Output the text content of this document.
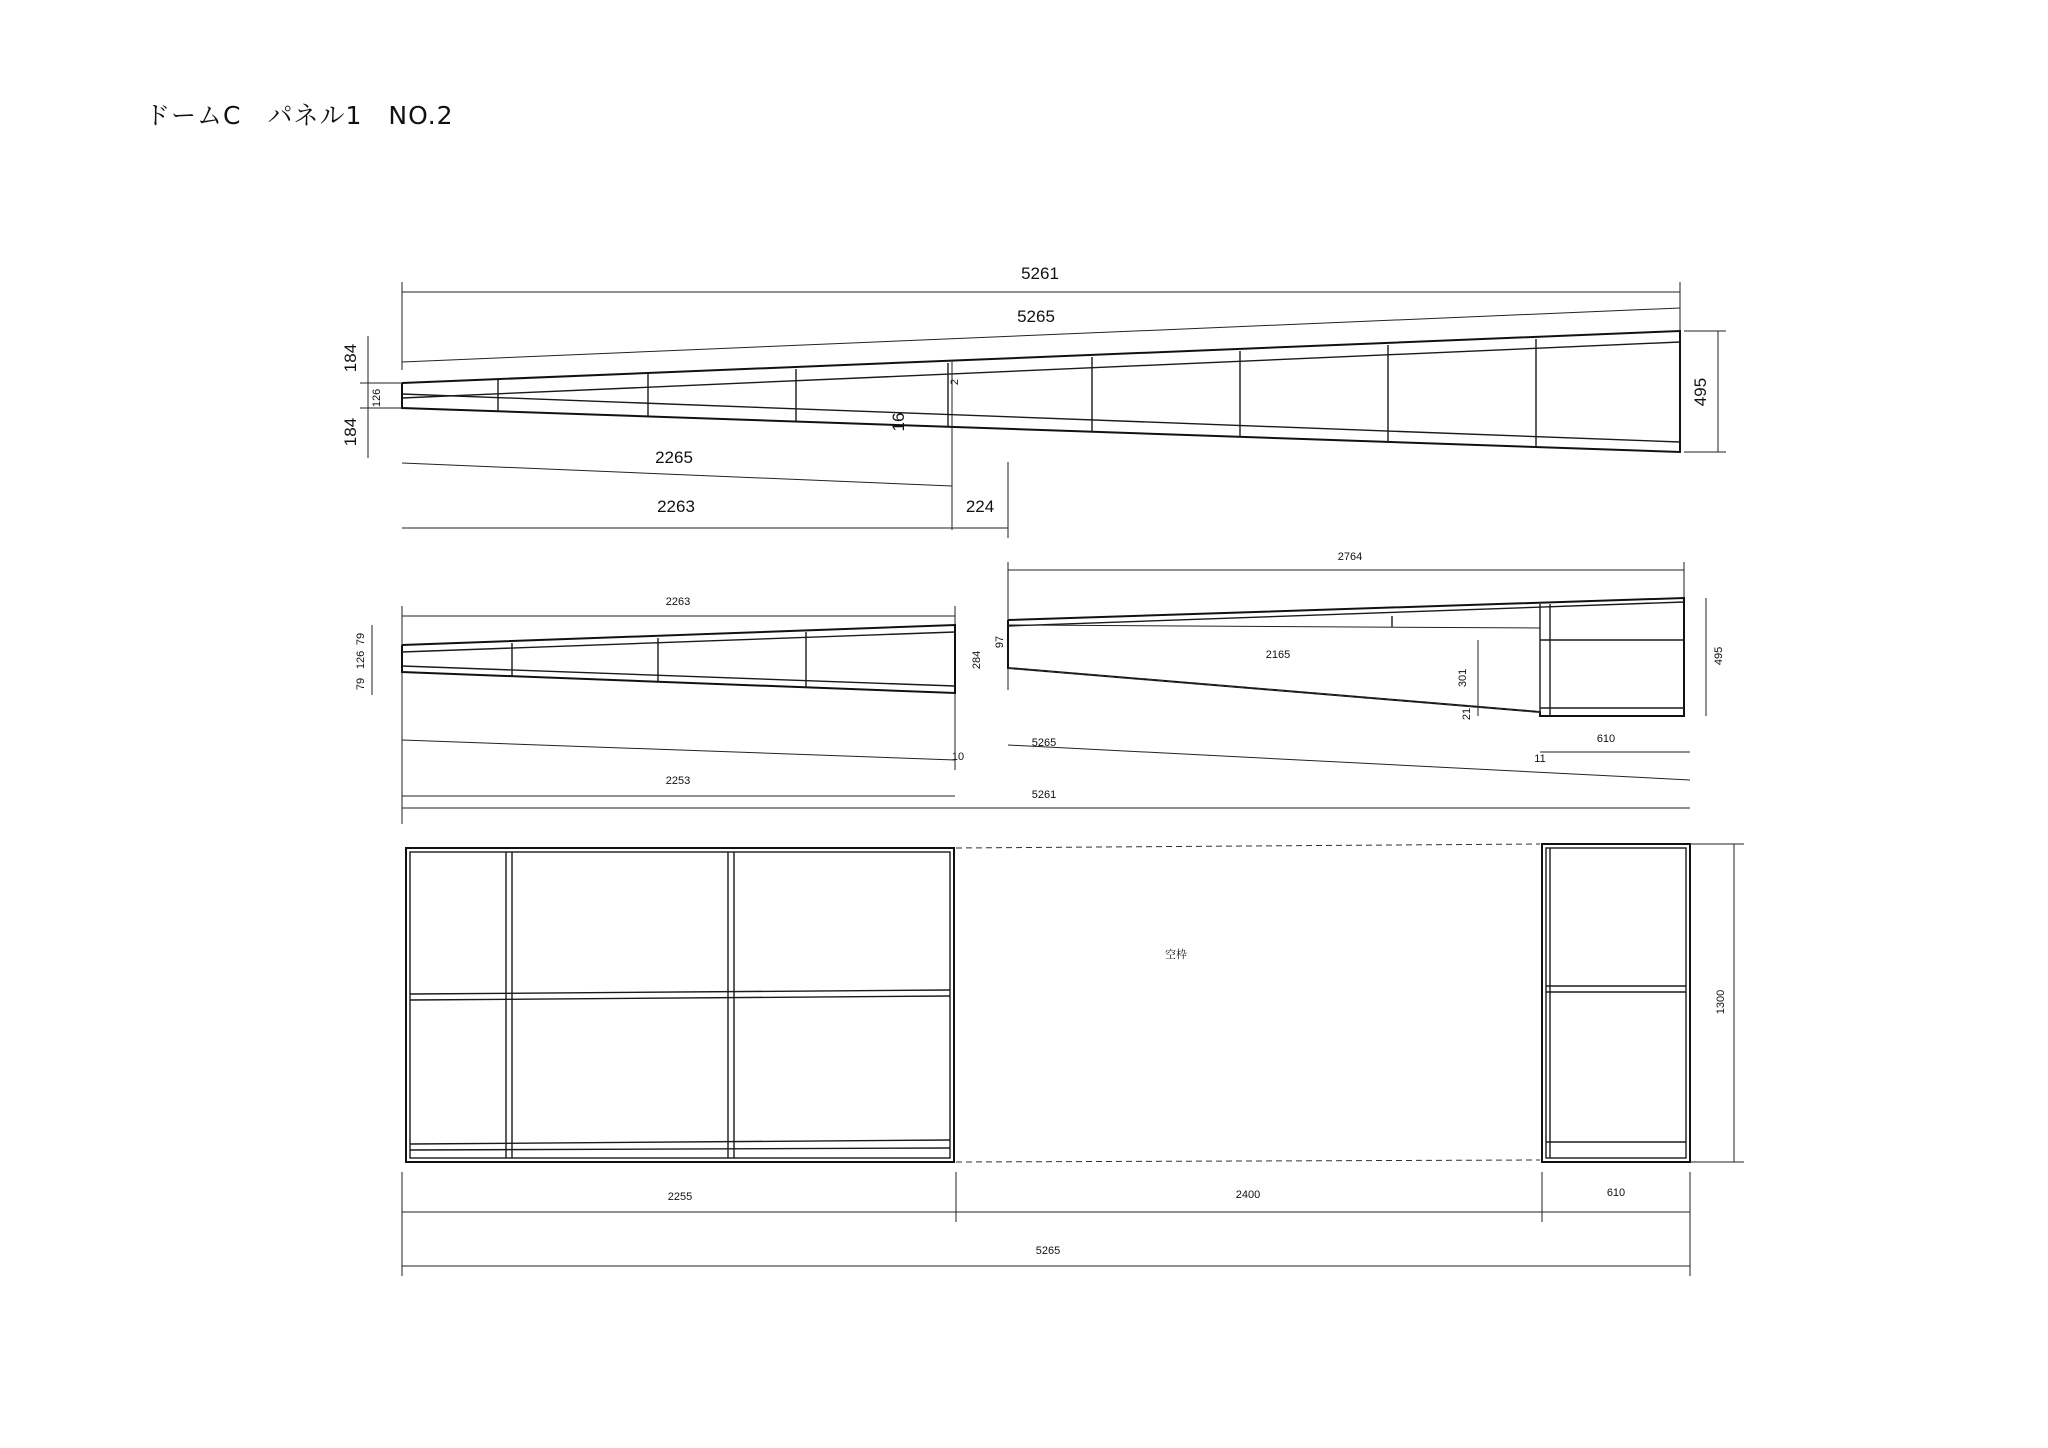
ドームC　パネル1　NO.2
5261
5265
184
126
184
495
2
16
2265
2263	224
2263
79
126
79
284
10
2253
2764
2165
301
21
97
495
610
11
5265
5261
空枠
1300
2255	2400	610
5265
